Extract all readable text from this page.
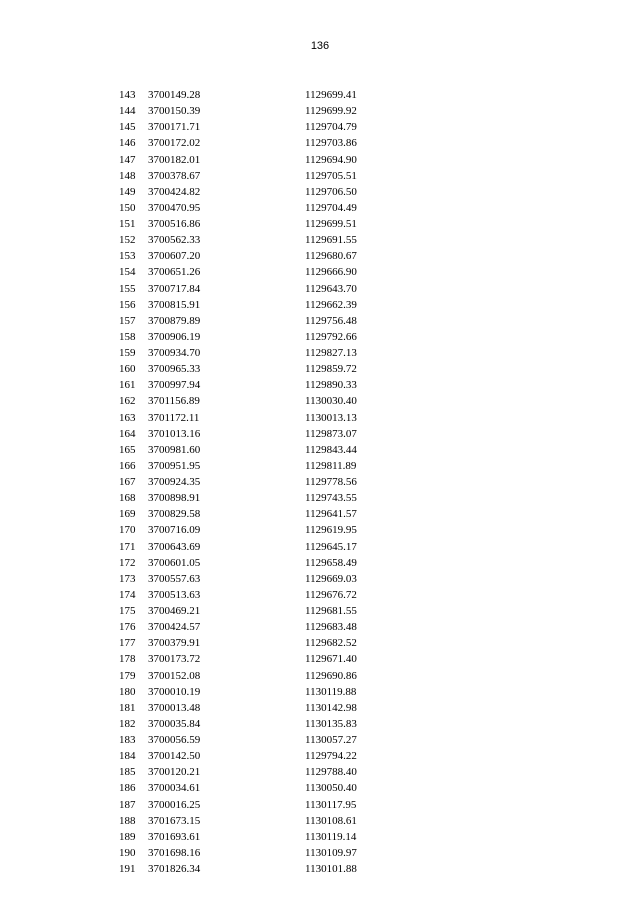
136
143 3700149.28	1129699.41
144 3700150.39	1129699.92
145 3700171.71	1129704.79
146 3700172.02	1129703.86
147 3700182.01	1129694.90
148 3700378.67	1129705.51
149 3700424.82	1129706.50
150 3700470.95	1129704.49
151 3700516.86	1129699.51
152 3700562.33	1129691.55
153 3700607.20	1129680.67
154 3700651.26	1129666.90
155 3700717.84	1129643.70
156 3700815.91	1129662.39
157 3700879.89	1129756.48
158 3700906.19	1129792.66
159 3700934.70	1129827.13
160 3700965.33	1129859.72
161 3700997.94	1129890.33
162 3701156.89	1130030.40
163 3701172.11	1130013.13
164 3701013.16	1129873.07
165 3700981.60	1129843.44
166 3700951.95	1129811.89
167 3700924.35	1129778.56
168 3700898.91	1129743.55
169 3700829.58	1129641.57
170 3700716.09	1129619.95
171 3700643.69	1129645.17
172 3700601.05	1129658.49
173 3700557.63	1129669.03
174 3700513.63	1129676.72
175 3700469.21	1129681.55
176 3700424.57	1129683.48
177 3700379.91	1129682.52
178 3700173.72	1129671.40
179 3700152.08	1129690.86
180 3700010.19	1130119.88
181 3700013.48	1130142.98
182 3700035.84	1130135.83
183 3700056.59	1130057.27
184 3700142.50	1129794.22
185 3700120.21	1129788.40
186 3700034.61	1130050.40
187 3700016.25	1130117.95
188 3701673.15	1130108.61
189 3701693.61	1130119.14
190 3701698.16	1130109.97
191 3701826.34	1130101.88
